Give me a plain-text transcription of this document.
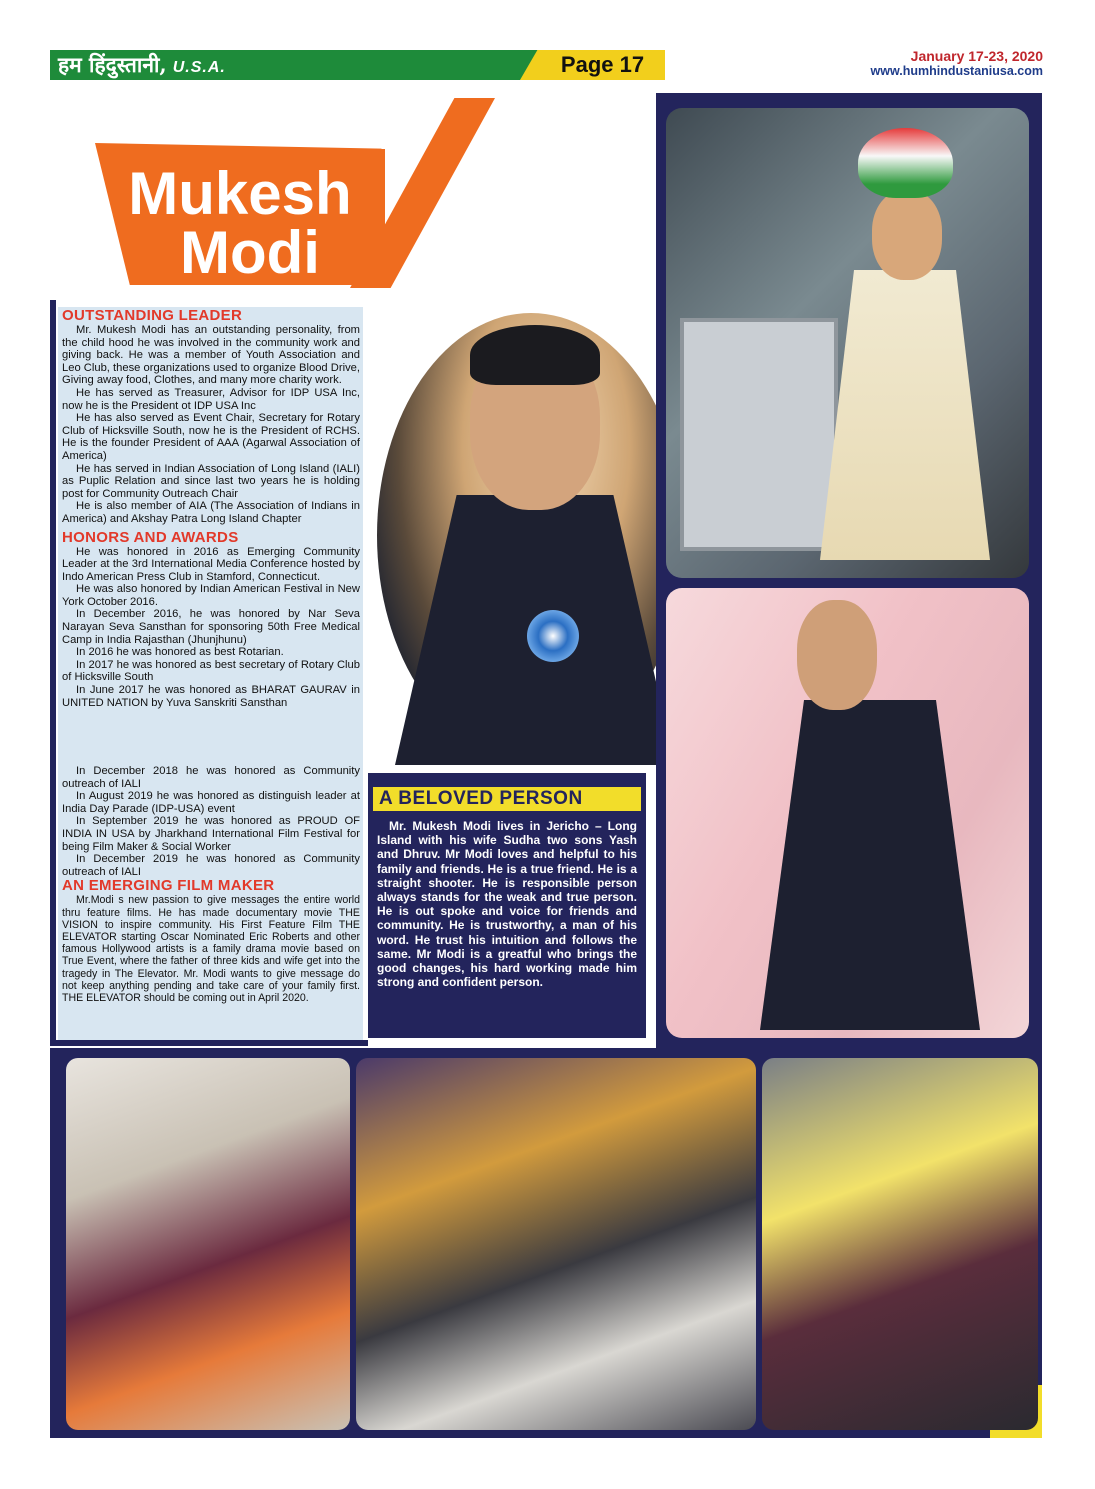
हम हिंदुस्तानी, U.S.A.	Page 17	January 17-23, 2020
www.humhindustaniusa.com
Mukesh
Modi
OUTSTANDING LEADER

Mr. Mukesh Modi has an outstanding personality, from the child hood he was involved in the community work and giving back. He was a member of Youth Association and Leo Club, these organizations used to organize Blood Drive, Giving away food, Clothes, and many more charity work.

He has served as Treasurer, Advisor for IDP USA Inc, now he is the President ot IDP USA Inc

He has also served as Event Chair, Secretary for Rotary Club of Hicksville South, now he is the President of RCHS. He is the founder President of AAA (Agarwal Association of America)

He has served in Indian Association of Long Island (IALI) as Puplic Relation and since last two years he is holding post for Community Outreach Chair

He is also member of AIA (The Association of Indians in America) and Akshay Patra Long Island Chapter

HONORS AND AWARDS

He was honored in 2016 as Emerging Community Leader at the 3rd International Media Conference hosted by Indo American Press Club in Stamford, Connecticut.

He was also honored by Indian American Festival in New York October 2016.

In December 2016, he was honored by Nar Seva Narayan Seva Sansthan for sponsoring 50th Free Medical Camp in India Rajasthan (Jhunjhunu)

In 2016 he was honored as best Rotarian.

In 2017 he was honored as best secretary of Rotary Club of Hicksville South

In June 2017 he was honored as BHARAT GAURAV in UNITED NATION by Yuva Sanskriti Sansthan

In December 2018 he was honored as Community outreach of IALI

In August 2019 he was honored as distinguish leader at India Day Parade (IDP-USA) event

In September 2019 he was honored as PROUD OF INDIA IN USA by Jharkhand International Film Festival for being Film Maker & Social Worker

In December 2019 he was honored as Community outreach of IALI

AN EMERGING FILM MAKER

Mr.Modi s new passion to give messages the entire world thru feature films. He has made documentary movie THE VISION to inspire community. His First Feature Film THE ELEVATOR starting Oscar Nominated Eric Roberts and other famous Hollywood artists is a family drama movie based on True Event, where the father of three kids and wife get into the tragedy in The Elevator. Mr. Modi wants to give message do not keep anything pending and take care of your family first. THE ELEVATOR should be coming out in April 2020.

A BELOVED PERSON
Mr. Mukesh Modi lives in Jericho – Long Island with his wife Sudha two sons Yash and Dhruv. Mr Modi loves and helpful to his family and friends. He is a true friend. He is a straight shooter. He is responsible person always stands for the weak and true person. He is out spoke and voice for friends and community. He is trustworthy, a man of his word. He trust his intuition and follows the same. Mr Modi is a greatful who brings the good changes, his hard working made him strong and confident person.
